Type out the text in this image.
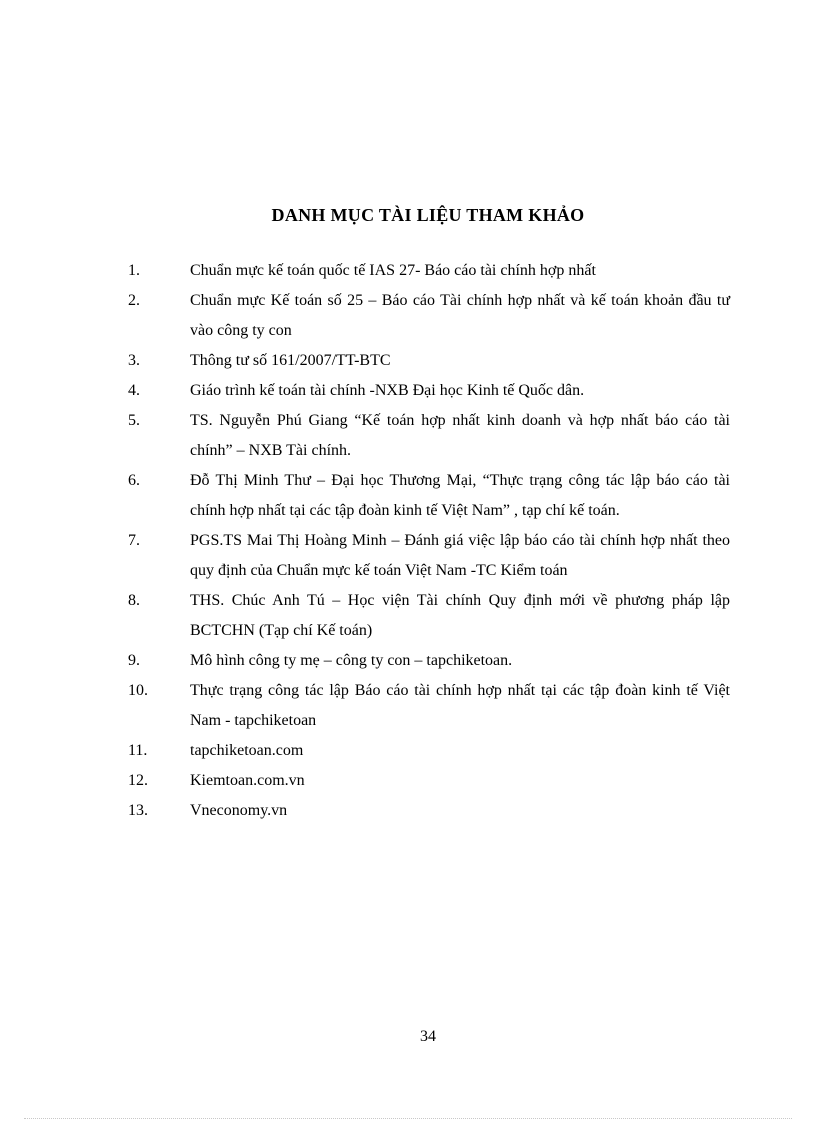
DANH MỤC TÀI LIỆU THAM KHẢO
1.	Chuẩn mực kế toán quốc tế IAS 27- Báo cáo tài chính hợp nhất
2.	Chuẩn mực Kế toán số 25 – Báo cáo Tài chính hợp nhất và kế toán khoản đầu tư vào công ty con
3.	Thông tư số 161/2007/TT-BTC
4.	Giáo trình kế toán tài chính -NXB Đại học Kinh tế Quốc dân.
5.	TS. Nguyễn Phú Giang “Kế toán hợp nhất kinh doanh và hợp nhất báo cáo tài chính” – NXB Tài chính.
6.	Đỗ Thị Minh Thư – Đại học Thương Mại, “Thực trạng công tác lập báo cáo tài chính hợp nhất tại các tập đoàn kinh tế Việt Nam” , tạp chí kế toán.
7.	PGS.TS Mai Thị Hoàng Minh – Đánh giá việc lập báo cáo tài chính hợp nhất theo quy định của Chuẩn mực kế toán Việt Nam -TC Kiểm toán
8.	THS. Chúc Anh Tú – Học viện Tài chính Quy định mới về phương pháp lập BCTCHN (Tạp chí Kế toán)
9.	Mô hình công ty mẹ – công ty con – tapchiketoan.
10.	Thực trạng công tác lập Báo cáo tài chính hợp nhất tại các tập đoàn kinh tế Việt Nam - tapchiketoan
11.	tapchiketoan.com
12.	Kiemtoan.com.vn
13.	Vneconomy.vn
34
